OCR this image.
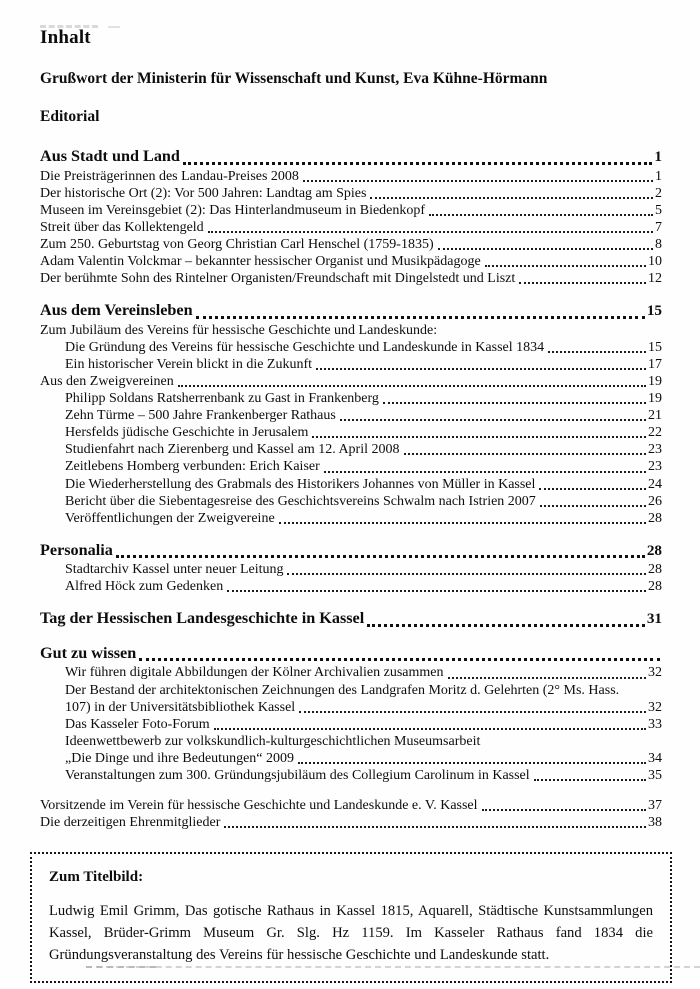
Inhalt

Grußwort der Ministerin für Wissenschaft und Kunst, Eva Kühne-Hörmann

Editorial

Aus Stadt und Land	1
Die Preisträgerinnen des Landau-Preises 2008	1
Der historische Ort (2): Vor 500 Jahren: Landtag am Spies	2
Museen im Vereinsgebiet (2): Das Hinterlandmuseum in Biedenkopf	5
Streit über das Kollektengeld	7
Zum 250. Geburtstag von Georg Christian Carl Henschel (1759-1835)	8
Adam Valentin Volckmar – bekannter hessischer Organist und Musikpädagoge	10
Der berühmte Sohn des Rintelner Organisten/Freundschaft mit Dingelstedt und Liszt	12
Aus dem Vereinsleben	15
Zum Jubiläum des Vereins für hessische Geschichte und Landeskunde:
Die Gründung des Vereins für hessische Geschichte und Landeskunde in Kassel 1834	15
Ein historischer Verein blickt in die Zukunft	17
Aus den Zweigvereinen	19
Philipp Soldans Ratsherrenbank zu Gast in Frankenberg	19
Zehn Türme – 500 Jahre Frankenberger Rathaus	21
Hersfelds jüdische Geschichte in Jerusalem	22
Studienfahrt nach Zierenberg und Kassel am 12. April 2008	23
Zeitlebens Homberg verbunden: Erich Kaiser	23
Die Wiederherstellung des Grabmals des Historikers Johannes von Müller in Kassel	24
Bericht über die Siebentagesreise des Geschichtsvereins Schwalm nach Istrien 2007	26
Veröffentlichungen der Zweigvereine	28
Personalia	28
Stadtarchiv Kassel unter neuer Leitung	28
Alfred Höck zum Gedenken	28
Tag der Hessischen Landesgeschichte in Kassel	31
Gut zu wissen
Wir führen digitale Abbildungen der Kölner Archivalien zusammen	32
Der Bestand der architektonischen Zeichnungen des Landgrafen Moritz d. Gelehrten (2° Ms. Hass.
107) in der Universitätsbibliothek Kassel	32
Das Kasseler Foto-Forum	33
Ideenwettbewerb zur volkskundlich-kulturgeschichtlichen Museumsarbeit
„Die Dinge und ihre Bedeutungen“ 2009	34
Veranstaltungen zum 300. Gründungsjubiläum des Collegium Carolinum in Kassel	35
Vorsitzende im Verein für hessische Geschichte und Landeskunde e. V. Kassel	37
Die derzeitigen Ehrenmitglieder	38

Zum Titelbild:

Ludwig Emil Grimm, Das gotische Rathaus in Kassel 1815, Aquarell, Städtische Kunstsammlungen Kassel, Brüder-Grimm Museum Gr. Slg. Hz 1159. Im Kasseler Rathaus fand 1834 die Gründungsveranstaltung des Vereins für hessische Geschichte und Landeskunde statt.
